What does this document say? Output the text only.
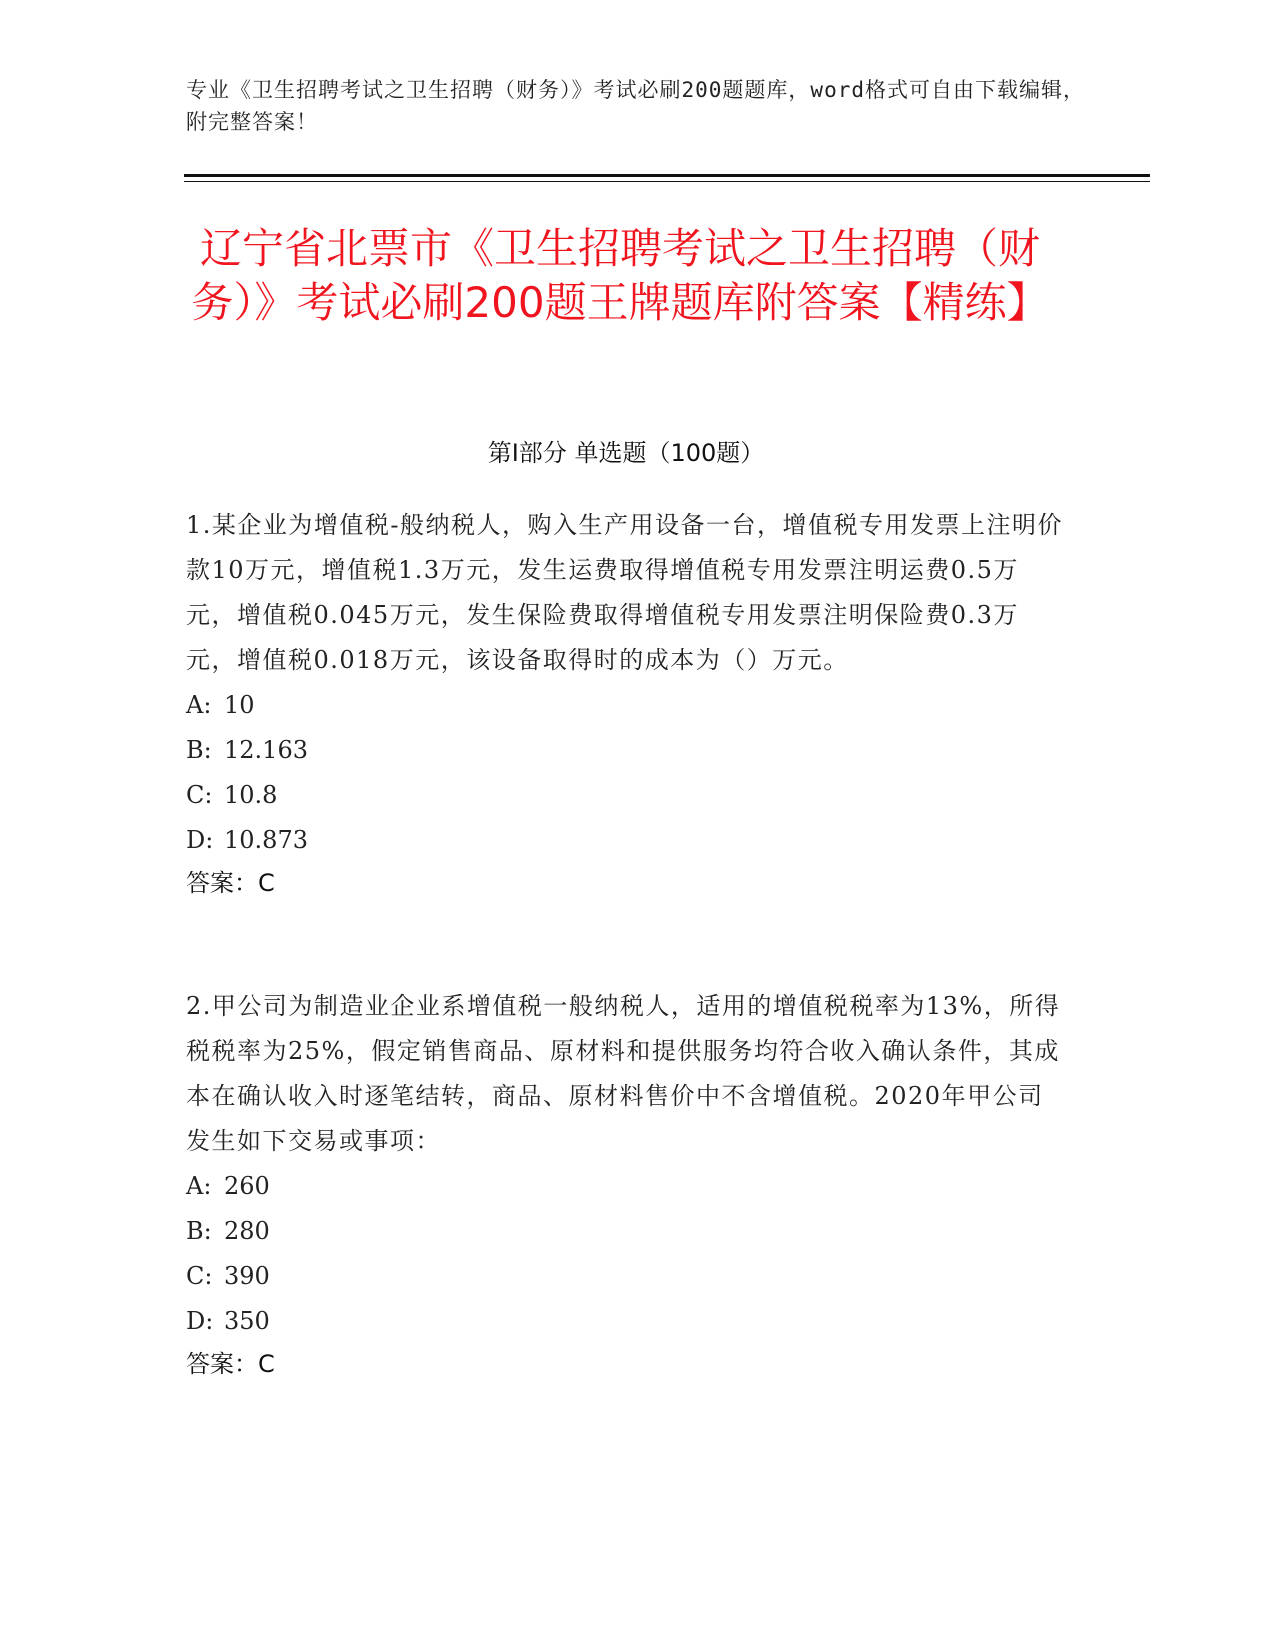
专业《卫生招聘考试之卫生招聘（财务）》考试必刷200题题库，word格式可自由下载编辑，附完整答案！
辽宁省北票市《卫生招聘考试之卫生招聘（财务）》考试必刷200题王牌题库附答案【精练】
第Ⅰ部分 单选题（100题）

1.某企业为增值税-般纳税人，购入生产用设备一台，增值税专用发票上注明价款10万元，增值税1.3万元，发生运费取得增值税专用发票注明运费0.5万元，增值税0.045万元，发生保险费取得增值税专用发票注明保险费0.3万元，增值税0.018万元，该设备取得时的成本为（）万元。

A: 10
B: 12.163
C: 10.8
D: 10.873
答案：C

2.甲公司为制造业企业系增值税一般纳税人，适用的增值税税率为13%，所得税税率为25%，假定销售商品、原材料和提供服务均符合收入确认条件，其成本在确认收入时逐笔结转，商品、原材料售价中不含增值税。2020年甲公司发生如下交易或事项：

A: 260
B: 280
C: 390
D: 350
答案：C
